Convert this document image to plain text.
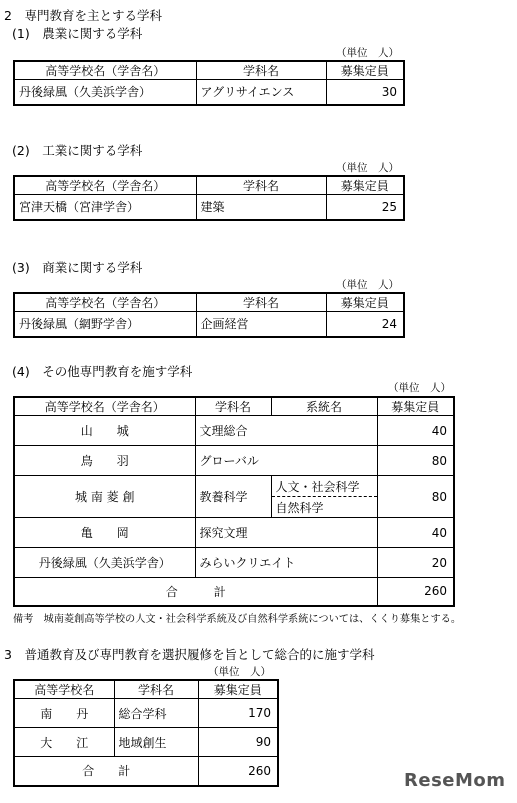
2　専門教育を主とする学科
(1)　農業に関する学科
（単位　人）
高等学校名（学舎名）	学科名	募集定員
丹後緑風（久美浜学舎）	アグリサイエンス	30
(2)　工業に関する学科
（単位　人）
高等学校名（学舎名）	学科名	募集定員
宮津天橋（宮津学舎）	建築	25
(3)　商業に関する学科
（単位　人）
高等学校名（学舎名）	学科名	募集定員
丹後緑風（網野学舎）	企画経営	24
(4)　その他専門教育を施す学科
（単位　人）
高等学校名（学舎名）	学科名	系統名	募集定員
山　　城	文理総合		40
鳥　　羽	グローバル		80
城 南 菱 創	教養科学	人文・社会科学	80
		自然科学	
亀　　岡	探究文理		40
丹後緑風（久美浜学舎）	みらいクリエイト		20
合　　　計			260
備考　城南菱創高等学校の人文・社会科学系統及び自然科学系統については、くくり募集とする。
3　普通教育及び専門教育を選択履修を旨として総合的に施す学科
（単位　人）
高等学校名	学科名	募集定員
南　　丹	総合学科	170
大　　江	地域創生	90
合　　計		260	ReseMom
